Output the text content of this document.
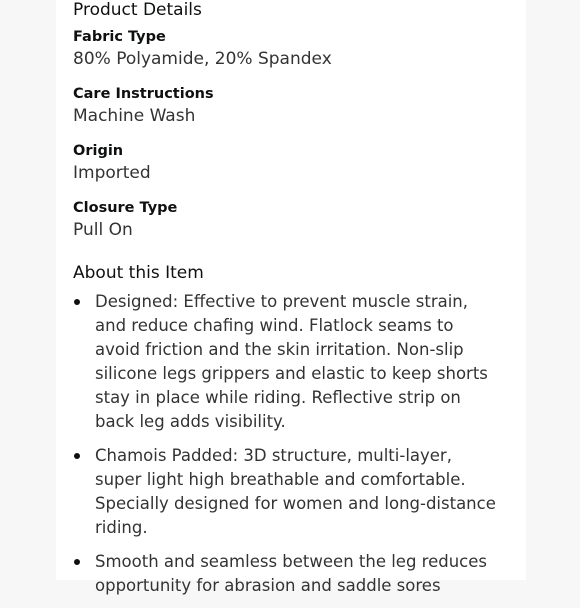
Product Details
Fabric Type
80% Polyamide, 20% Spandex
Care Instructions
Machine Wash
Origin
Imported
Closure Type
Pull On
About this Item
Designed: Effective to prevent muscle strain, and reduce chafing wind. Flatlock seams to avoid friction and the skin irritation. Non-slip silicone legs grippers and elastic to keep shorts stay in place while riding. Reflective strip on back leg adds visibility.
Chamois Padded: 3D structure, multi-layer, super light high breathable and comfortable. Specially designed for women and long-distance riding.
Smooth and seamless between the leg reduces opportunity for abrasion and saddle sores
